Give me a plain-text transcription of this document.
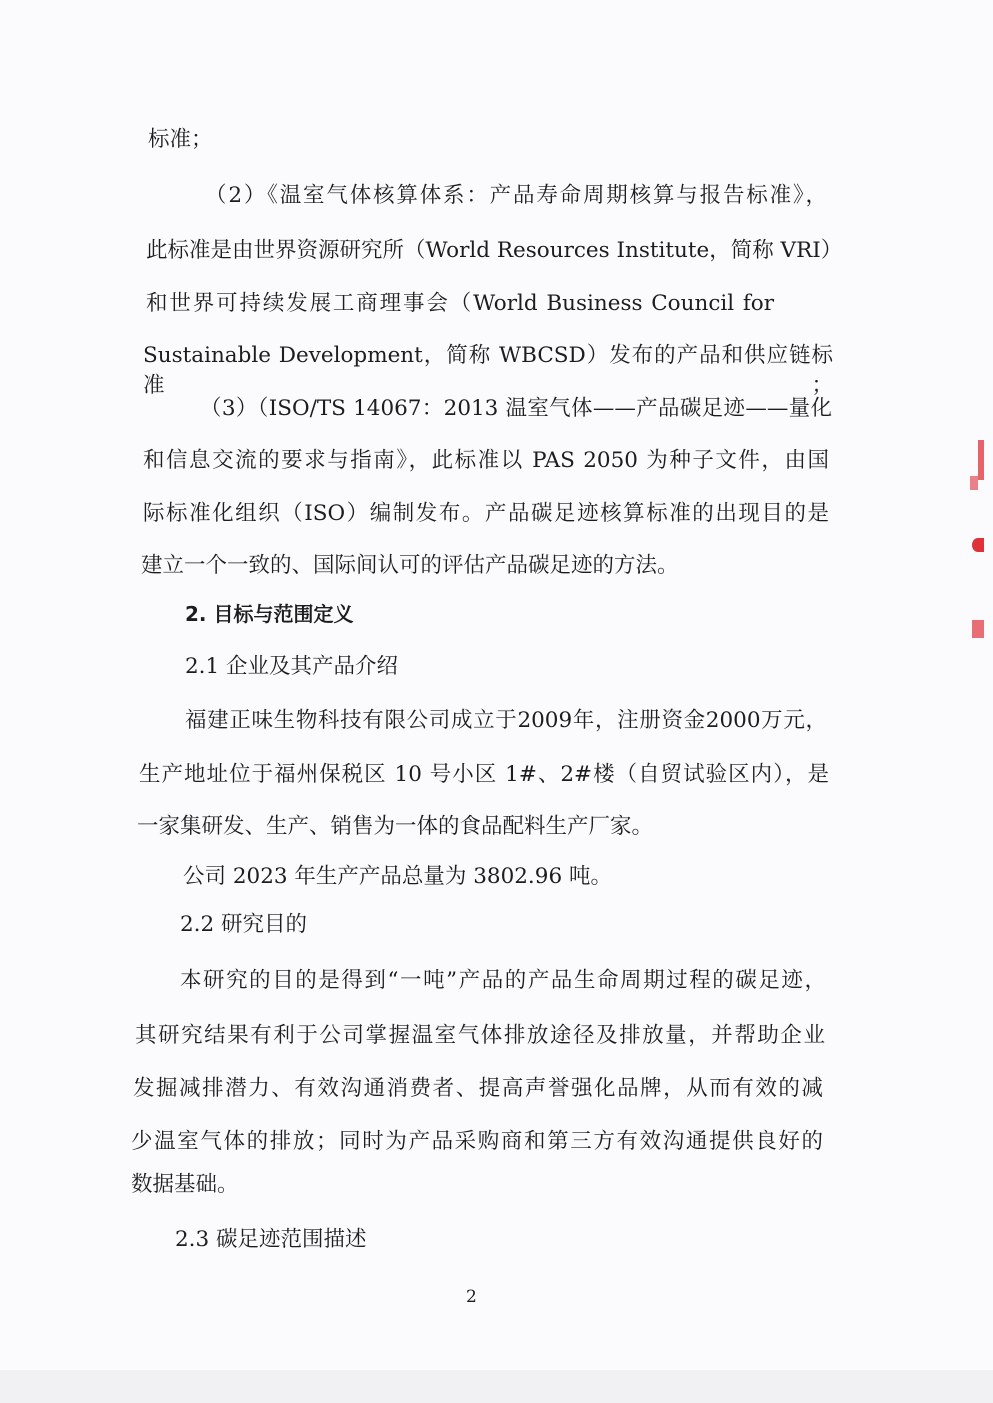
标准；
（2）《温室气体核算体系：产品寿命周期核算与报告标准》，
此标准是由世界资源研究所（World Resources Institute，简称 VRI）
和世界可持续发展工商理事会（World Business Council for
Sustainable Development，简称 WBCSD）发布的产品和供应链标准；
（3）（ISO/TS 14067：2013 温室气体——产品碳足迹——量化
和信息交流的要求与指南》，此标准以 PAS 2050 为种子文件，由国
际标准化组织（ISO）编制发布。产品碳足迹核算标准的出现目的是
建立一个一致的、国际间认可的评估产品碳足迹的方法。
2. 目标与范围定义
2.1 企业及其产品介绍
福建正味生物科技有限公司成立于2009年，注册资金2000万元，
生产地址位于福州保税区 10 号小区 1#、2#楼（自贸试验区内），是
一家集研发、生产、销售为一体的食品配料生产厂家。
公司 2023 年生产产品总量为 3802.96 吨。
2.2 研究目的
本研究的目的是得到“一吨”产品的产品生命周期过程的碳足迹，
其研究结果有利于公司掌握温室气体排放途径及排放量，并帮助企业
发掘减排潜力、有效沟通消费者、提高声誉强化品牌，从而有效的减
少温室气体的排放；同时为产品采购商和第三方有效沟通提供良好的
数据基础。
2.3 碳足迹范围描述
2
